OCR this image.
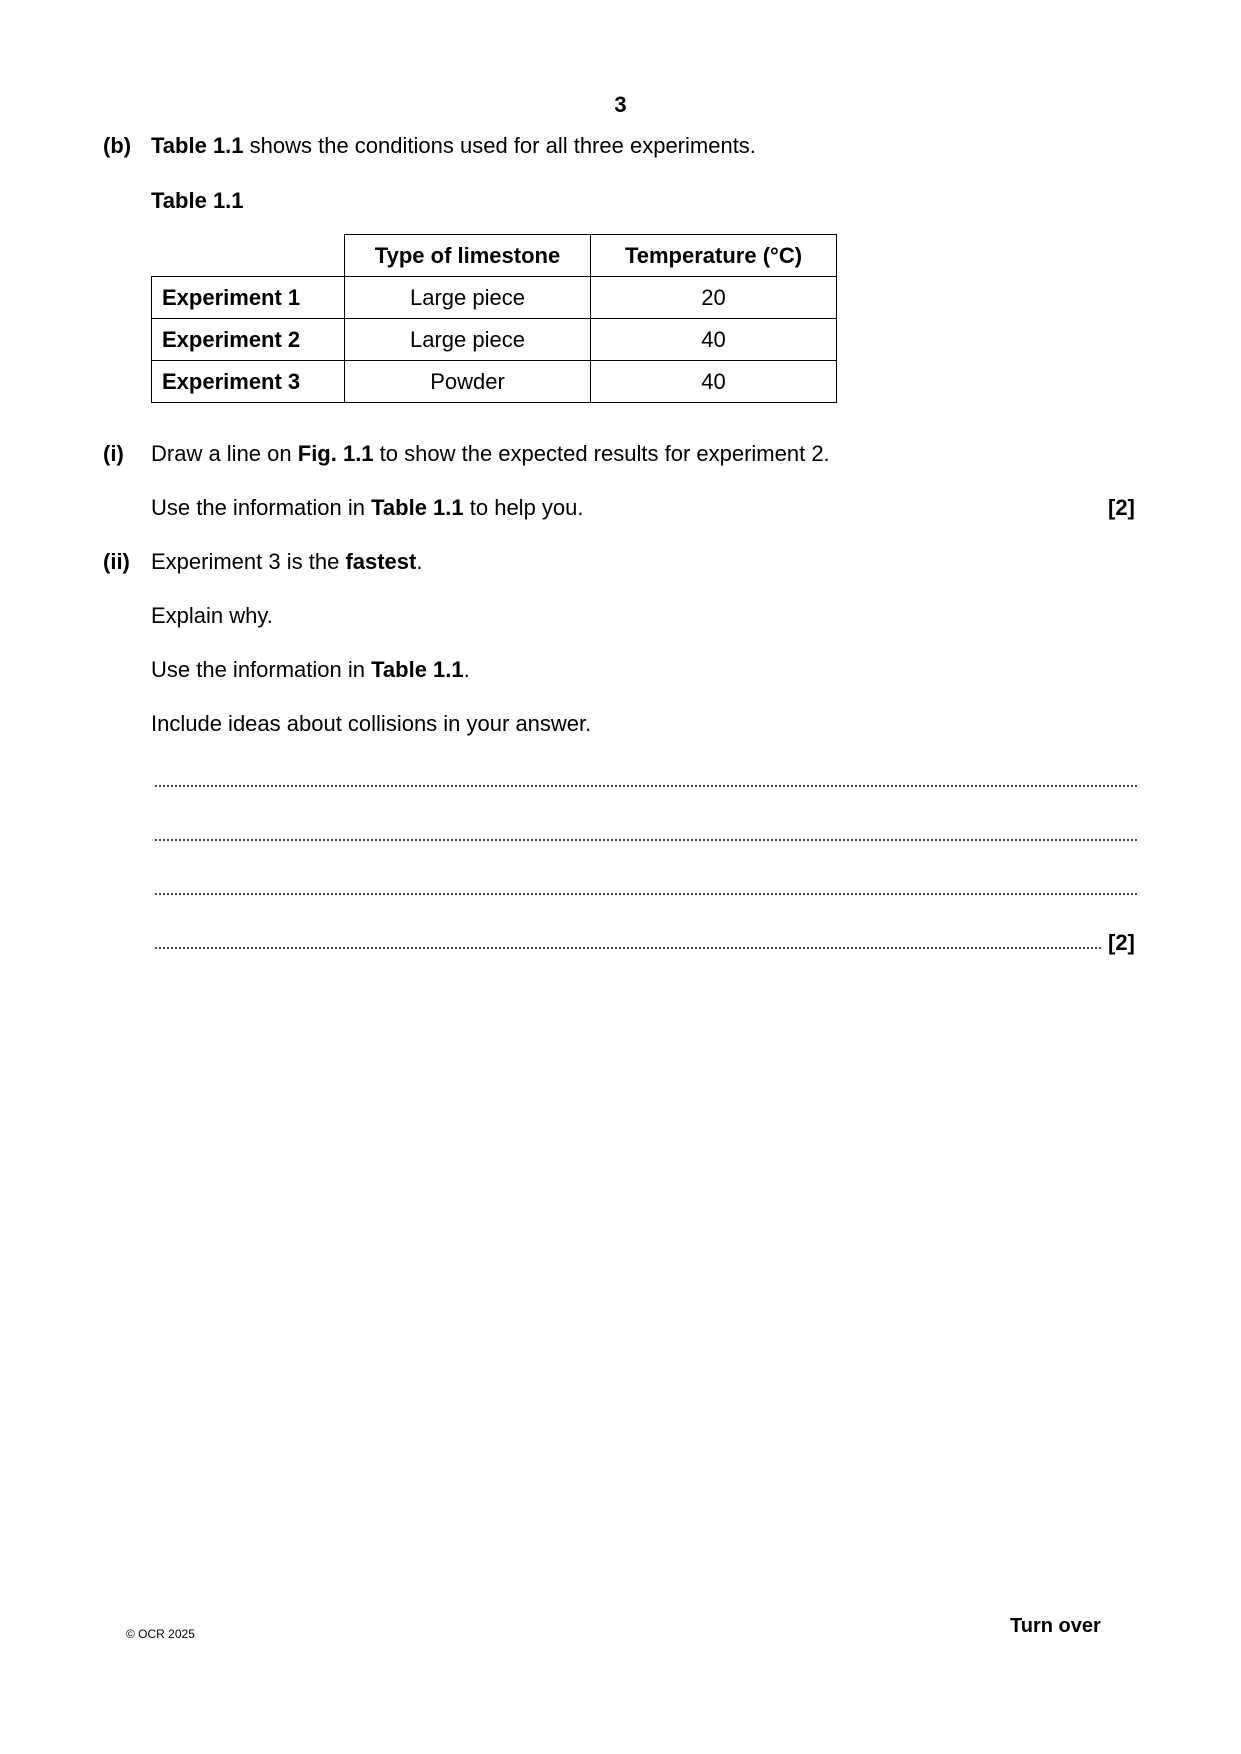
3
(b) Table 1.1 shows the conditions used for all three experiments.
Table 1.1
	Type of limestone	Temperature (°C)
Experiment 1	Large piece	20
Experiment 2	Large piece	40
Experiment 3	Powder	40
(i) Draw a line on Fig. 1.1 to show the expected results for experiment 2.
Use the information in Table 1.1 to help you.	[2]
(ii) Experiment 3 is the fastest.
Explain why.
Use the information in Table 1.1.
Include ideas about collisions in your answer.
[2]
© OCR 2025	Turn over
